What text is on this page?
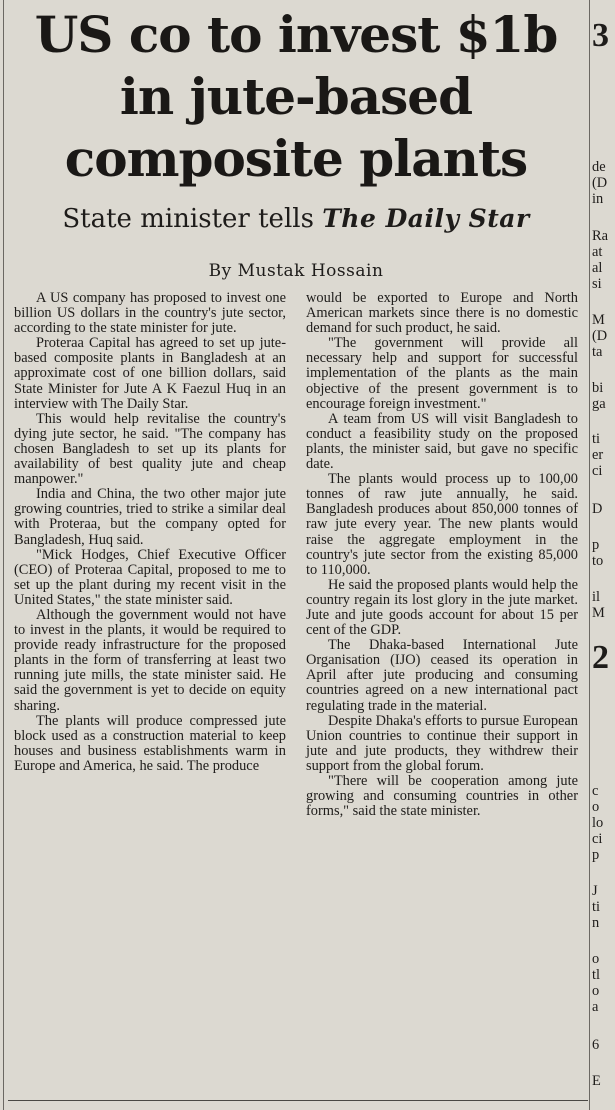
US co to invest $1b in jute-based composite plants
State minister tells The Daily Star
By Mustak Hossain

A US company has proposed to invest one billion US dollars in the country's jute sector, according to the state minister for jute.

Proteraa Capital has agreed to set up jute-based composite plants in Bangladesh at an approximate cost of one billion dollars, said State Minister for Jute A K Faezul Huq in an interview with The Daily Star.

This would help revitalise the country's dying jute sector, he said. "The company has chosen Bangladesh to set up its plants for availability of best quality jute and cheap manpower."

India and China, the two other major jute growing countries, tried to strike a similar deal with Proteraa, but the company opted for Bangladesh, Huq said.

"Mick Hodges, Chief Executive Officer (CEO) of Proteraa Capital, proposed to me to set up the plant during my recent visit in the United States," the state minister said.

Although the government would not have to invest in the plants, it would be required to provide ready infrastructure for the proposed plants in the form of transferring at least two running jute mills, the state minister said. He said the government is yet to decide on equity sharing.

The plants will produce compressed jute block used as a construction material to keep houses and business establishments warm in Europe and America, he said. The produce

would be exported to Europe and North American markets since there is no domestic demand for such product, he said.

"The government will provide all necessary help and support for successful implementation of the plants as the main objective of the present government is to encourage foreign investment."

A team from US will visit Bangladesh to conduct a feasibility study on the proposed plants, the minister said, but gave no specific date.

The plants would process up to 100,00 tonnes of raw jute annually, he said. Bangladesh produces about 850,000 tonnes of raw jute every year. The new plants would raise the aggregate employment in the country's jute sector from the existing 85,000 to 110,000.

He said the proposed plants would help the country regain its lost glory in the jute market. Jute and jute goods account for about 15 per cent of the GDP.

The Dhaka-based International Jute Organisation (IJO) ceased its operation in April after jute producing and consuming countries agreed on a new international pact regulating trade in the material.

Despite Dhaka's efforts to pursue European Union countries to continue their support in jute and jute products, they withdrew their support from the global forum.

"There will be cooperation among jute growing and consuming countries in other forms," said the state minister.

3
de
(D
in
Ra
at
al
si
M
(D
ta
bi
ga
ti
er
ci
D
p
to
il
M
2
c
o
lo
ci
p
J
ti
n
o
tl
o
a
6
E
